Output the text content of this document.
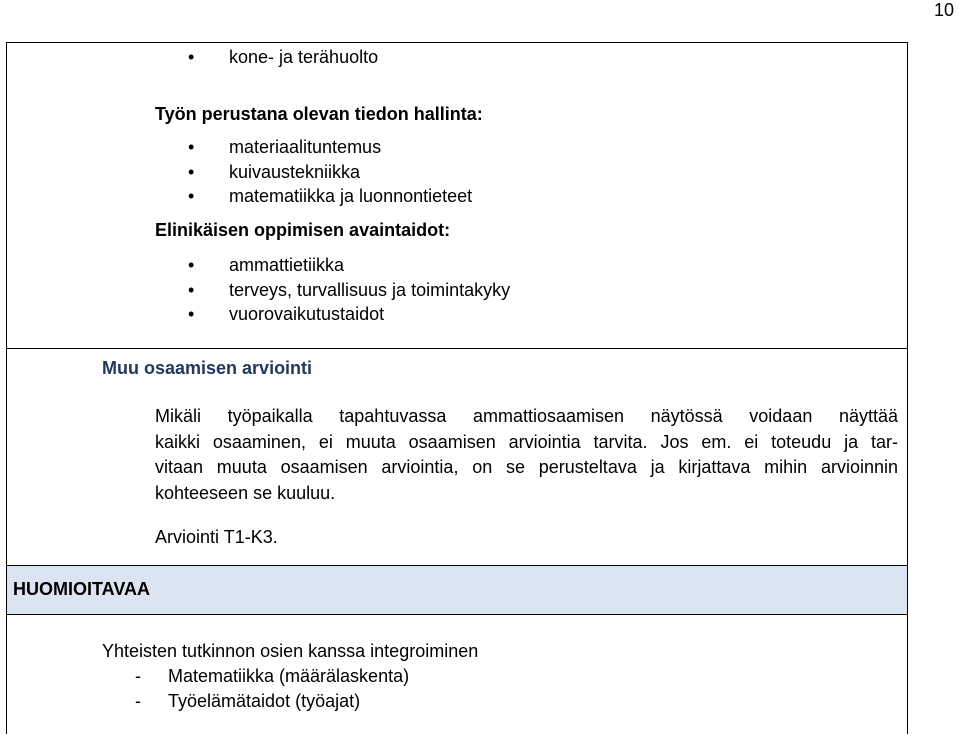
10
• kone- ja terähuolto
Työn perustana olevan tiedon hallinta:
• materiaalituntemus
• kuivaustekniikka
• matematiikka ja luonnontieteet
Elinikäisen oppimisen avaintaidot:
• ammattietiikka
• terveys, turvallisuus ja toimintakyky
• vuorovaikutustaidot
Muu osaamisen arviointi
Mikäli työpaikalla tapahtuvassa ammattiosaamisen näytössä voidaan näyttää
kaikki osaaminen, ei muuta osaamisen arviointia tarvita. Jos em. ei toteudu ja tar-
vitaan muuta osaamisen arviointia, on se perusteltava ja kirjattava mihin arvioinnin
kohteeseen se kuuluu.
Arviointi T1-K3.
HUOMIOITAVAA
Yhteisten tutkinnon osien kanssa integroiminen
- Matematiikka (määrälaskenta)
- Työelämätaidot (työajat)
